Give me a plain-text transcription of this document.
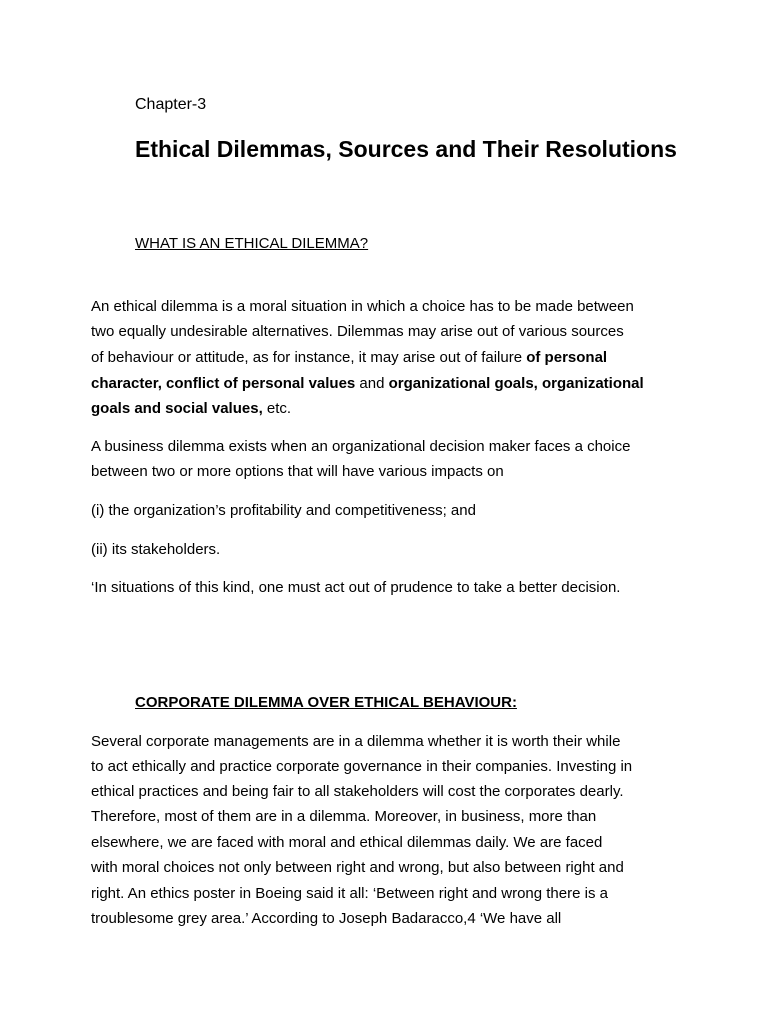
Chapter-3
Ethical Dilemmas, Sources and Their Resolutions
WHAT IS AN ETHICAL DILEMMA?
An ethical dilemma is a moral situation in which a choice has to be made between
two equally undesirable alternatives. Dilemmas may arise out of various sources
of behaviour or attitude, as for instance, it may arise out of failure of personal
character, conflict of personal values and organizational goals, organizational
goals and social values, etc.
A business dilemma exists when an organizational decision maker faces a choice
between two or more options that will have various impacts on
(i) the organization’s profitability and competitiveness; and
(ii) its stakeholders.
‘In situations of this kind, one must act out of prudence to take a better decision.
CORPORATE DILEMMA OVER ETHICAL BEHAVIOUR:
Several corporate managements are in a dilemma whether it is worth their while
to act ethically and practice corporate governance in their companies. Investing in
ethical practices and being fair to all stakeholders will cost the corporates dearly.
Therefore, most of them are in a dilemma. Moreover, in business, more than
elsewhere, we are faced with moral and ethical dilemmas daily. We are faced
with moral choices not only between right and wrong, but also between right and
right. An ethics poster in Boeing said it all: ‘Between right and wrong there is a
troublesome grey area.’ According to Joseph Badaracco,4 ‘We have all
